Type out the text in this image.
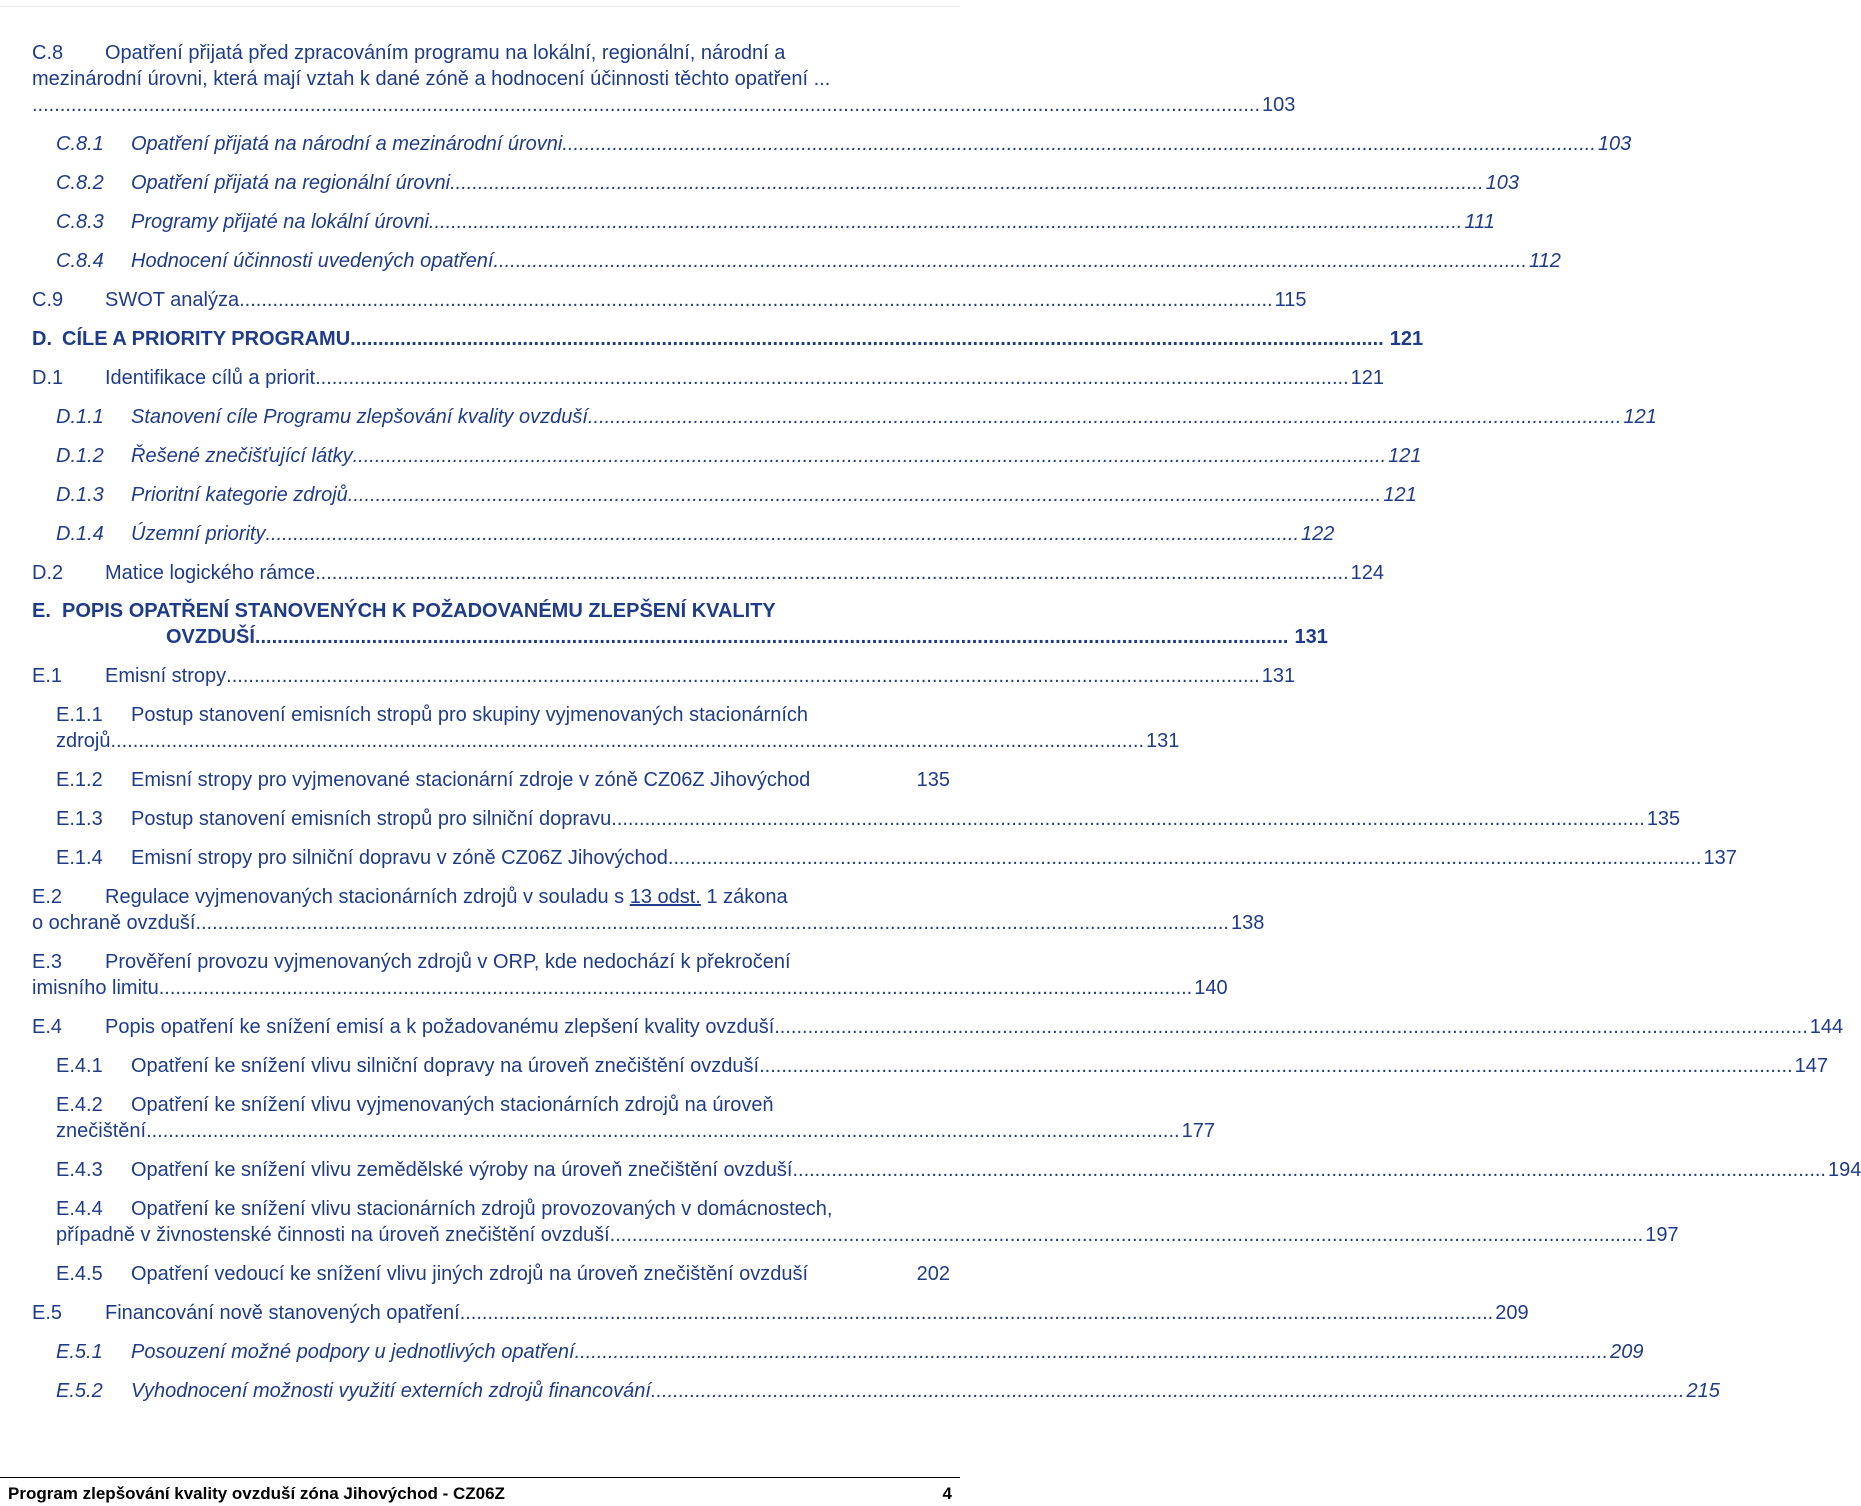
C.8 Opatření přijatá před zpracováním programu na lokální, regionální, národní a
mezinárodní úrovni, která mají vztah k dané zóně a hodnocení účinnosti těchto opatření ...
............................................................................................................................................................................................................................. 103
C.8.1	Opatření přijatá na národní a mezinárodní úrovni .......................................................................................................................................................................................... 103
C.8.2	Opatření přijatá na regionální úrovni .......................................................................................................................................................................................... 103
C.8.3	Programy přijaté na lokální úrovni .......................................................................................................................................................................................... 111
C.8.4	Hodnocení účinnosti uvedených opatření .......................................................................................................................................................................................... 112
C.9	SWOT analýza .......................................................................................................................................................................................... 115
D. CÍLE A PRIORITY PROGRAMU .......................................................................................................................................................................................... 121
D.1	Identifikace cílů a priorit .......................................................................................................................................................................................... 121
D.1.1	Stanovení cíle Programu zlepšování kvality ovzduší .......................................................................................................................................................................................... 121
D.1.2	Řešené znečišťující látky .......................................................................................................................................................................................... 121
D.1.3	Prioritní kategorie zdrojů .......................................................................................................................................................................................... 121
D.1.4	Územní priority .......................................................................................................................................................................................... 122
D.2	Matice logického rámce .......................................................................................................................................................................................... 124
E. POPIS OPATŘENÍ STANOVENÝCH K POŽADOVANÉMU ZLEPŠENÍ KVALITY
OVZDUŠÍ .......................................................................................................................................................................................... 131
E.1	Emisní stropy .......................................................................................................................................................................................... 131
E.1.1 Postup stanovení emisních stropů pro skupiny vyjmenovaných stacionárních
zdrojů .......................................................................................................................................................................................... 131
E.1.2	Emisní stropy pro vyjmenované stacionární zdroje v zóně CZ06Z Jihovýchod	135
E.1.3	Postup stanovení emisních stropů pro silniční dopravu .......................................................................................................................................................................................... 135
E.1.4	Emisní stropy pro silniční dopravu v zóně CZ06Z Jihovýchod .......................................................................................................................................................................................... 137
E.2 Regulace vyjmenovaných stacionárních zdrojů v souladu s 13 odst. 1 zákona
o ochraně ovzduší .......................................................................................................................................................................................... 138
E.3 Prověření provozu vyjmenovaných zdrojů v ORP, kde nedochází k překročení
imisního limitu .......................................................................................................................................................................................... 140
E.4	Popis opatření ke snížení emisí a k požadovanému zlepšení kvality ovzduší .......................................................................................................................................................................................... 144
E.4.1	Opatření ke snížení vlivu silniční dopravy na úroveň znečištění ovzduší .......................................................................................................................................................................................... 147
E.4.2 Opatření ke snížení vlivu vyjmenovaných stacionárních zdrojů na úroveň
znečištění .......................................................................................................................................................................................... 177
E.4.3	Opatření ke snížení vlivu zemědělské výroby na úroveň znečištění ovzduší .......................................................................................................................................................................................... 194
E.4.4 Opatření ke snížení vlivu stacionárních zdrojů provozovaných v domácnostech,
případně v živnostenské činnosti na úroveň znečištění ovzduší .......................................................................................................................................................................................... 197
E.4.5	Opatření vedoucí ke snížení vlivu jiných zdrojů na úroveň znečištění ovzduší	202
E.5	Financování nově stanovených opatření .......................................................................................................................................................................................... 209
E.5.1	Posouzení možné podpory u jednotlivých opatření .......................................................................................................................................................................................... 209
E.5.2	Vyhodnocení možnosti využití externích zdrojů financování .......................................................................................................................................................................................... 215
Program zlepšování kvality ovzduší zóna Jihovýchod - CZ06Z	4
